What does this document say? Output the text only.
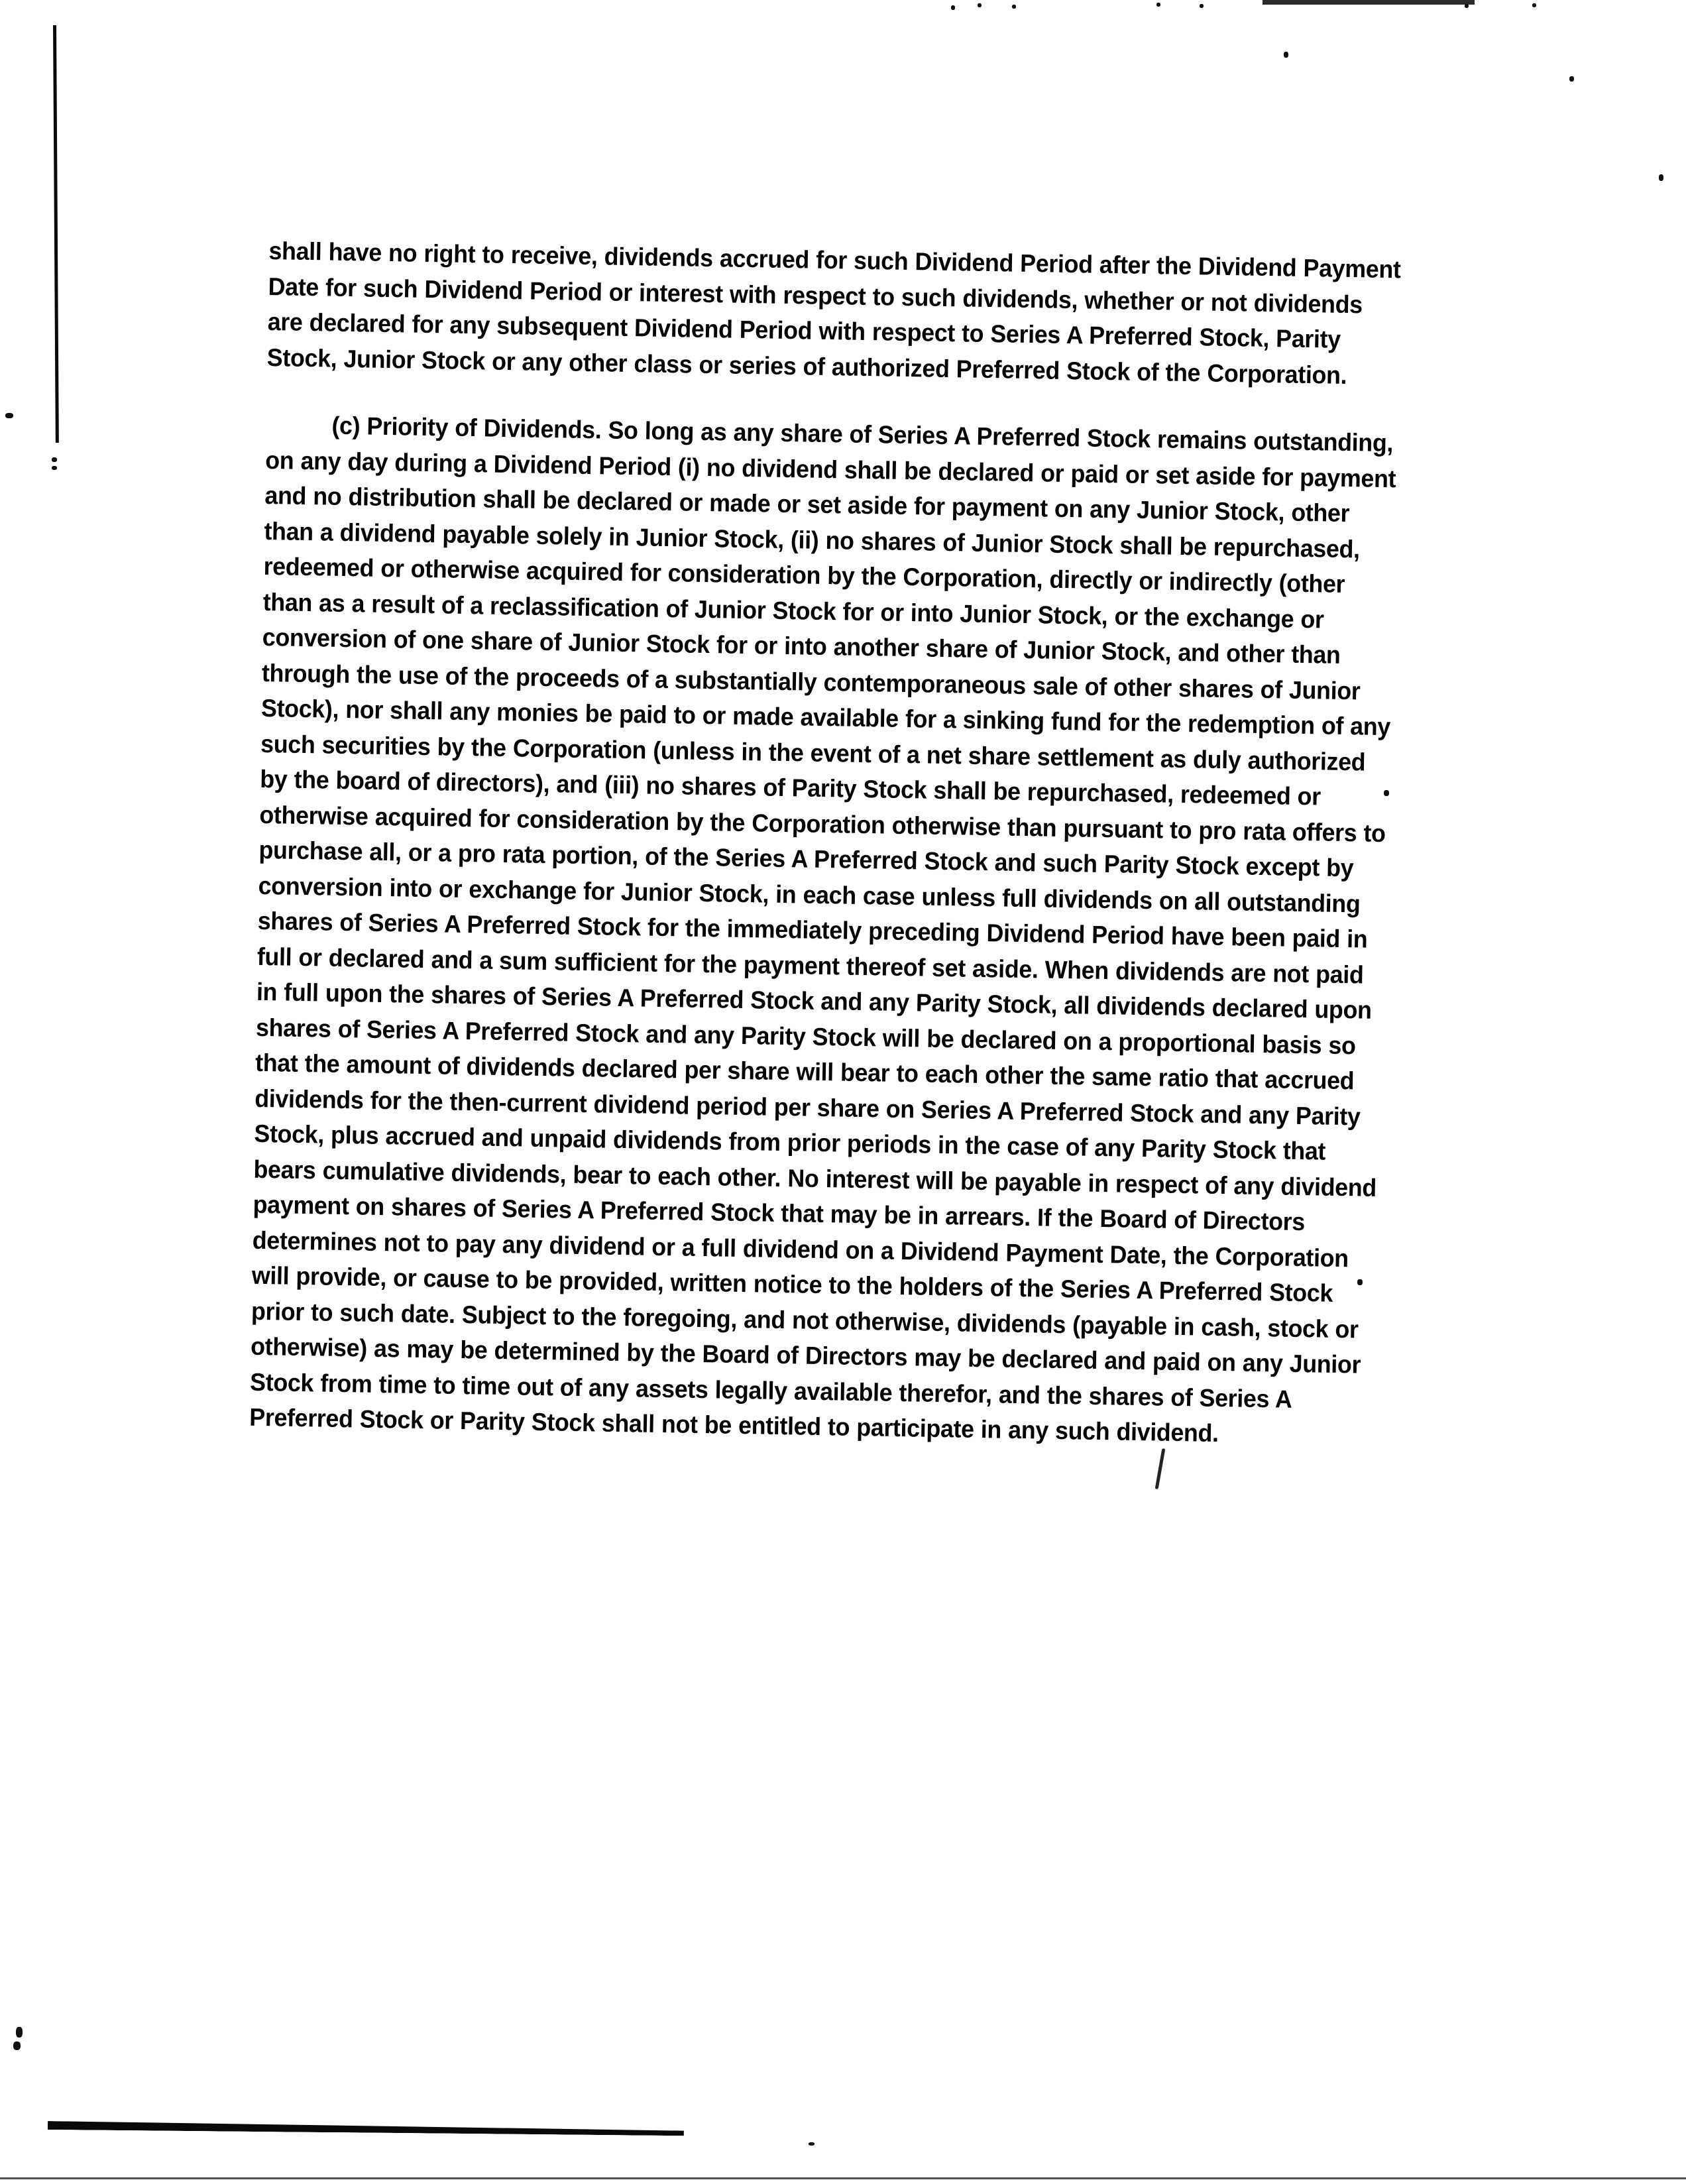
shall have no right to receive, dividends accrued for such Dividend Period after the Dividend Payment Date for such Dividend Period or interest with respect to such dividends, whether or not dividends are declared for any subsequent Dividend Period with respect to Series A Preferred Stock, Parity Stock, Junior Stock or any other class or series of authorized Preferred Stock of the Corporation.

(c) Priority of Dividends. So long as any share of Series A Preferred Stock remains outstanding, on any day during a Dividend Period (i) no dividend shall be declared or paid or set aside for payment and no distribution shall be declared or made or set aside for payment on any Junior Stock, other than a dividend payable solely in Junior Stock, (ii) no shares of Junior Stock shall be repurchased, redeemed or otherwise acquired for consideration by the Corporation, directly or indirectly (other than as a result of a reclassification of Junior Stock for or into Junior Stock, or the exchange or conversion of one share of Junior Stock for or into another share of Junior Stock, and other than through the use of the proceeds of a substantially contemporaneous sale of other shares of Junior Stock), nor shall any monies be paid to or made available for a sinking fund for the redemption of any such securities by the Corporation (unless in the event of a net share settlement as duly authorized by the board of directors), and (iii) no shares of Parity Stock shall be repurchased, redeemed or otherwise acquired for consideration by the Corporation otherwise than pursuant to pro rata offers to purchase all, or a pro rata portion, of the Series A Preferred Stock and such Parity Stock except by conversion into or exchange for Junior Stock, in each case unless full dividends on all outstanding shares of Series A Preferred Stock for the immediately preceding Dividend Period have been paid in full or declared and a sum sufficient for the payment thereof set aside. When dividends are not paid in full upon the shares of Series A Preferred Stock and any Parity Stock, all dividends declared upon shares of Series A Preferred Stock and any Parity Stock will be declared on a proportional basis so that the amount of dividends declared per share will bear to each other the same ratio that accrued dividends for the then-current dividend period per share on Series A Preferred Stock and any Parity Stock, plus accrued and unpaid dividends from prior periods in the case of any Parity Stock that bears cumulative dividends, bear to each other. No interest will be payable in respect of any dividend payment on shares of Series A Preferred Stock that may be in arrears. If the Board of Directors determines not to pay any dividend or a full dividend on a Dividend Payment Date, the Corporation will provide, or cause to be provided, written notice to the holders of the Series A Preferred Stock prior to such date. Subject to the foregoing, and not otherwise, dividends (payable in cash, stock or otherwise) as may be determined by the Board of Directors may be declared and paid on any Junior Stock from time to time out of any assets legally available therefor, and the shares of Series A Preferred Stock or Parity Stock shall not be entitled to participate in any such dividend.
